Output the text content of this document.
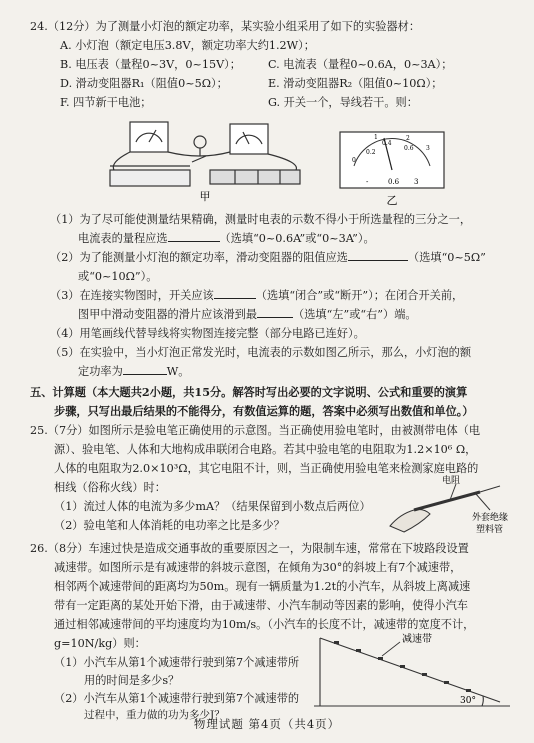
24.（12分）为了测量小灯泡的额定功率，某实验小组采用了如下的实验器材：
A. 小灯泡（额定电压3.8V，额定功率大约1.2W）；
B. 电压表（量程0~3V，0~15V）； C. 电流表（量程0~0.6A，0~3A）；
D. 滑动变阻器R₁（阻值0~5Ω）；	E. 滑动变阻器R₂（阻值0~10Ω）；
F. 四节新干电池；	G. 开关一个，导线若干。则：
甲
0.2
0.4
0.6
1	2
3
0
-	0.6 3
乙
（1）为了尽可能使测量结果精确，测量时电表的示数不得小于所选量程的三分之一，
电流表的量程应选	（选填“0~0.6A”或“0~3A”）。
（2）为了能测量小灯泡的额定功率，滑动变阻器的阻值应选	（选填“0~5Ω”
或“0~10Ω”）。
（3）在连接实物图时，开关应该	（选填“闭合”或“断开”）；在闭合开关前，
图甲中滑动变阻器的滑片应该滑到最	（选填“左”或“右”）端。
（4）用笔画线代替导线将实物图连接完整（部分电路已连好）。
（5）在实验中，当小灯泡正常发光时，电流表的示数如图乙所示，那么，小灯泡的额
定功率为	W。
五、计算题（本大题共2小题，共15分。解答时写出必要的文字说明、公式和重要的演算
步骤，只写出最后结果的不能得分，有数值运算的题，答案中必须写出数值和单位。）
25.（7分）如图所示是验电笔正确使用的示意图。当正确使用验电笔时，由被测带电体（电
源）、验电笔、人体和大地构成串联闭合电路。若其中验电笔的电阻取为1.2×10⁶ Ω，
人体的电阻取为2.0×10³Ω，其它电阻不计，则，当正确使用验电笔来检测家庭电路的
相线（俗称火线）时：
（1）流过人体的电流为多少mA？（结果保留到小数点后两位）
（2）验电笔和人体消耗的电功率之比是多少？
电阻
外套绝缘
塑料管
26.（8分）车速过快是造成交通事故的重要原因之一，为限制车速，常常在下坡路段设置
减速带。如图所示是有减速带的斜坡示意图，在倾角为30°的斜坡上有7个减速带，
相邻两个减速带间的距离均为50m。现有一辆质量为1.2t的小汽车，从斜坡上离减速
带有一定距离的某处开始下滑，由于减速带、小汽车制动等因素的影响，使得小汽车
通过相邻减速带间的平均速度均为10m/s。（小汽车的长度不计，减速带的宽度不计，
g=10N/kg）则：
（1）小汽车从第1个减速带行驶到第7个减速带所
用的时间是多少s？
（2）小汽车从第1个减速带行驶到第7个减速带的
过程中，重力做的功为多少J？
减速带
30°
物理试题 第4页（共4页）
